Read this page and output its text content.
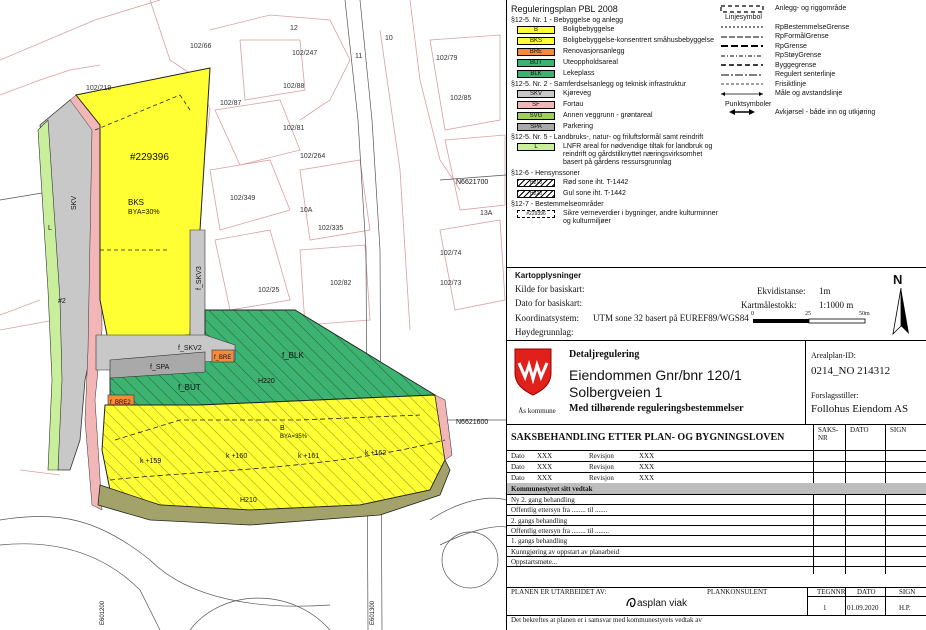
#229396
BKS
BYA=30%
B
BYA=35%
f_SKV2
f_SKV3
f_SPA
f_BRE
f_BRE2
f_BUT
f_BLK
H220
H210
k +159
k +160	k +161	k +162
SKV
L
#2
N6621700
N6621600
E601200	E601300
102/66
102/219
102/87
102/88
102/81
102/247
102/264
102/349
102/335
102/25
102/82
102/74
102/73
102/79
102/85
10A	13A
10
11
12
Reguleringsplan PBL 2008
§12-5. Nr. 1 - Bebyggelse og anlegg
B	Boligbebyggelse
BKS	Boligbebyggelse-konsentrert småhusbebyggelse
BRE	Renovasjonsanlegg
BUT	Uteoppholdsareal
BLK	Lekeplass
§12-5. Nr. 2 - Samferdselsanlegg og teknisk infrastruktur
SKV	Kjøreveg
SF	Fortau
SVG	Annen veggrunn - grøntareal
SPA	Parkering
§12-5. Nr. 5 - Landbruks-, natur- og friluftsformål samt reindrift
L	LNFR areal for nødvendige tiltak for landbruk og reindrift og gårdstilknyttet næringsvirksomhet basert på gårdens ressursgrunnlag
§12-6 - Hensynssoner
H210	Rød sone iht. T-1442
H220	Gul sone iht. T-1442
§12-7 - Bestemmelseområder
#229396	Sikre verneverdier i bygninger, andre kulturminner og kulturmiljøer
Anlegg- og riggområde
Linjesymbol
RpBestemmelseGrense
RpFormålGrense
RpGrense
RpStøyGrense
Byggegrense
Regulert senterlinje
Frisiktlinje
Måle og avstandslinje
Punktsymboler
Avkjørsel - både inn og utkjøring
Kartopplysninger
Kilde for basiskart:
Dato for basiskart:
Koordinatsystem: UTM sone 32 basert på EUREF89/WGS84
Høydegrunnlag:
Ekvidistanse: 1m
Kartmålestokk:	1:1000 m
0	25	50m
N
Ås kommune
Detaljregulering
Eiendommen Gnr/bnr 120/1
Solbergveien 1
Med tilhørende reguleringsbestemmelser
Arealplan-ID:
0214_NO 214312
Forslagsstiller:
Follohus Eiendom AS
SAKSBEHANDLING ETTER PLAN- OG BYGNINGSLOVEN
SAKS-NR
DATO	SIGN
Dato XXX	Revisjon	XXX
Dato XXX	Revisjon	XXX
Dato XXX	Revisjon	XXX
Kommunestyret sitt vedtak
Ny 2. gang behandling
Offentlig ettersyn fra ........ til .......
2. gangs behandling
Offentlig ettersyn fra ........ til ........
1. gangs behandling
Kunngjøring av oppstart av planarbeid
Oppstartsmøte...
PLANEN ER UTARBEIDET AV:	PLANKONSULENT	TEGNNR DATO	SIGN
asplan viak	1	01.09.2020	H.P.
Det bekreftes at planen er i samsvar med kommunestyrets vedtak av
